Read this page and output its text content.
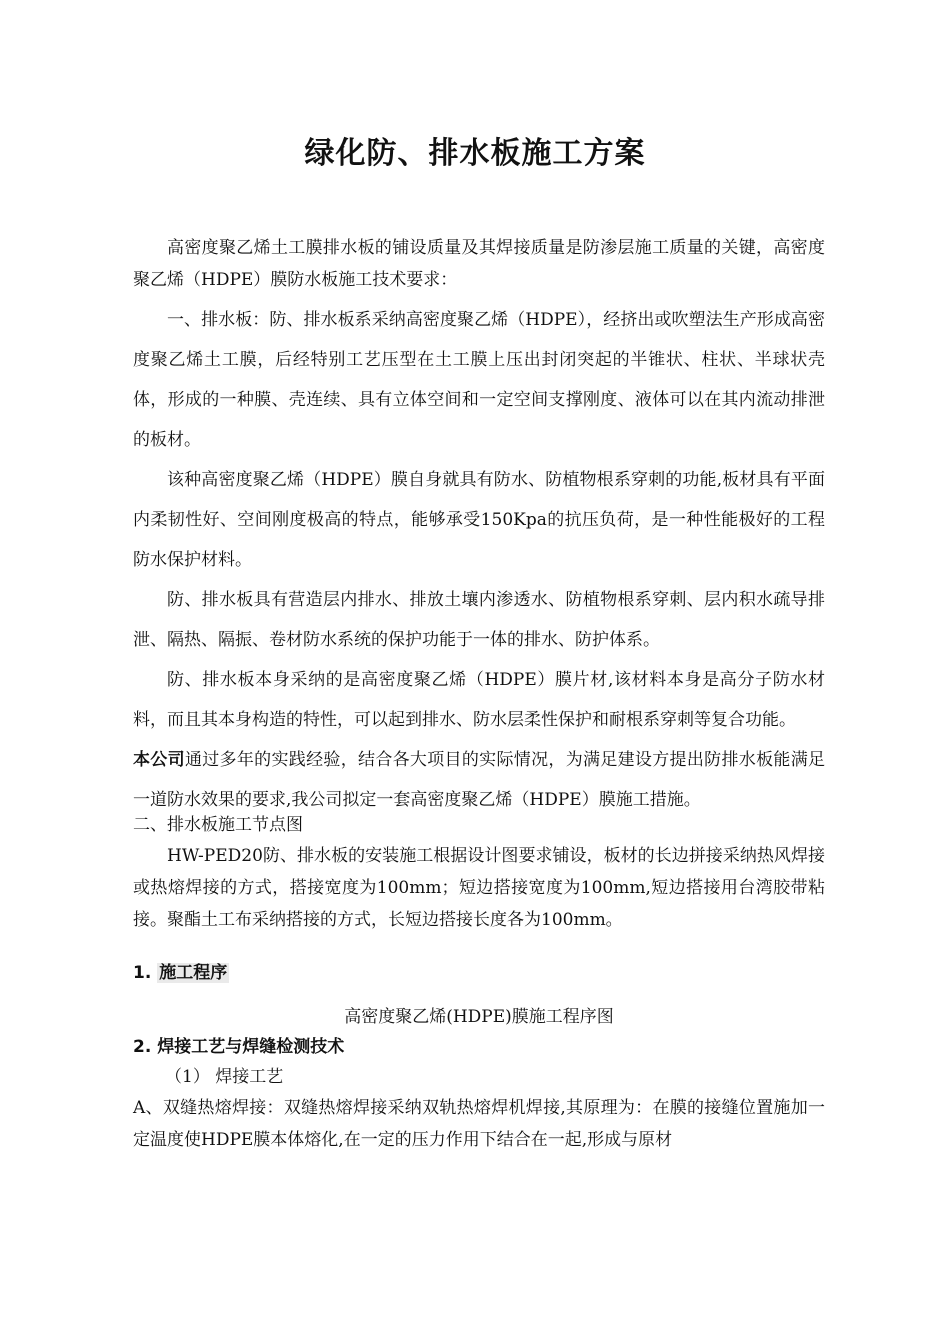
绿化防、排水板施工方案

高密度聚乙烯土工膜排水板的铺设质量及其焊接质量是防渗层施工质量的关键，高密度聚乙烯（HDPE）膜防水板施工技术要求：

一、排水板：防、排水板系采纳高密度聚乙烯（HDPE），经挤出或吹塑法生产形成高密度聚乙烯土工膜，后经特别工艺压型在土工膜上压出封闭突起的半锥状、柱状、半球状壳体，形成的一种膜、壳连续、具有立体空间和一定空间支撑刚度、液体可以在其内流动排泄的板材。

该种高密度聚乙烯（HDPE）膜自身就具有防水、防植物根系穿刺的功能,板材具有平面内柔韧性好、空间刚度极高的特点，能够承受150Kpa的抗压负荷，是一种性能极好的工程防水保护材料。

防、排水板具有营造层内排水、排放土壤内渗透水、防植物根系穿刺、层内积水疏导排泄、隔热、隔振、卷材防水系统的保护功能于一体的排水、防护体系。

防、排水板本身采纳的是高密度聚乙烯（HDPE）膜片材,该材料本身是高分子防水材料，而且其本身构造的特性，可以起到排水、防水层柔性保护和耐根系穿刺等复合功能。

本公司通过多年的实践经验，结合各大项目的实际情况，为满足建设方提出防排水板能满足一道防水效果的要求,我公司拟定一套高密度聚乙烯（HDPE）膜施工措施。

二、排水板施工节点图

HW-PED20防、排水板的安装施工根据设计图要求铺设，板材的长边拼接采纳热风焊接或热熔焊接的方式，搭接宽度为100mm；短边搭接宽度为100mm,短边搭接用台湾胶带粘接。聚酯土工布采纳搭接的方式，长短边搭接长度各为100mm。

1. 施工程序

高密度聚乙烯(HDPE)膜施工程序图

2. 焊接工艺与焊缝检测技术

（1） 焊接工艺

A、双缝热熔焊接：双缝热熔焊接采纳双轨热熔焊机焊接,其原理为：在膜的接缝位置施加一定温度使HDPE膜本体熔化,在一定的压力作用下结合在一起,形成与原材
